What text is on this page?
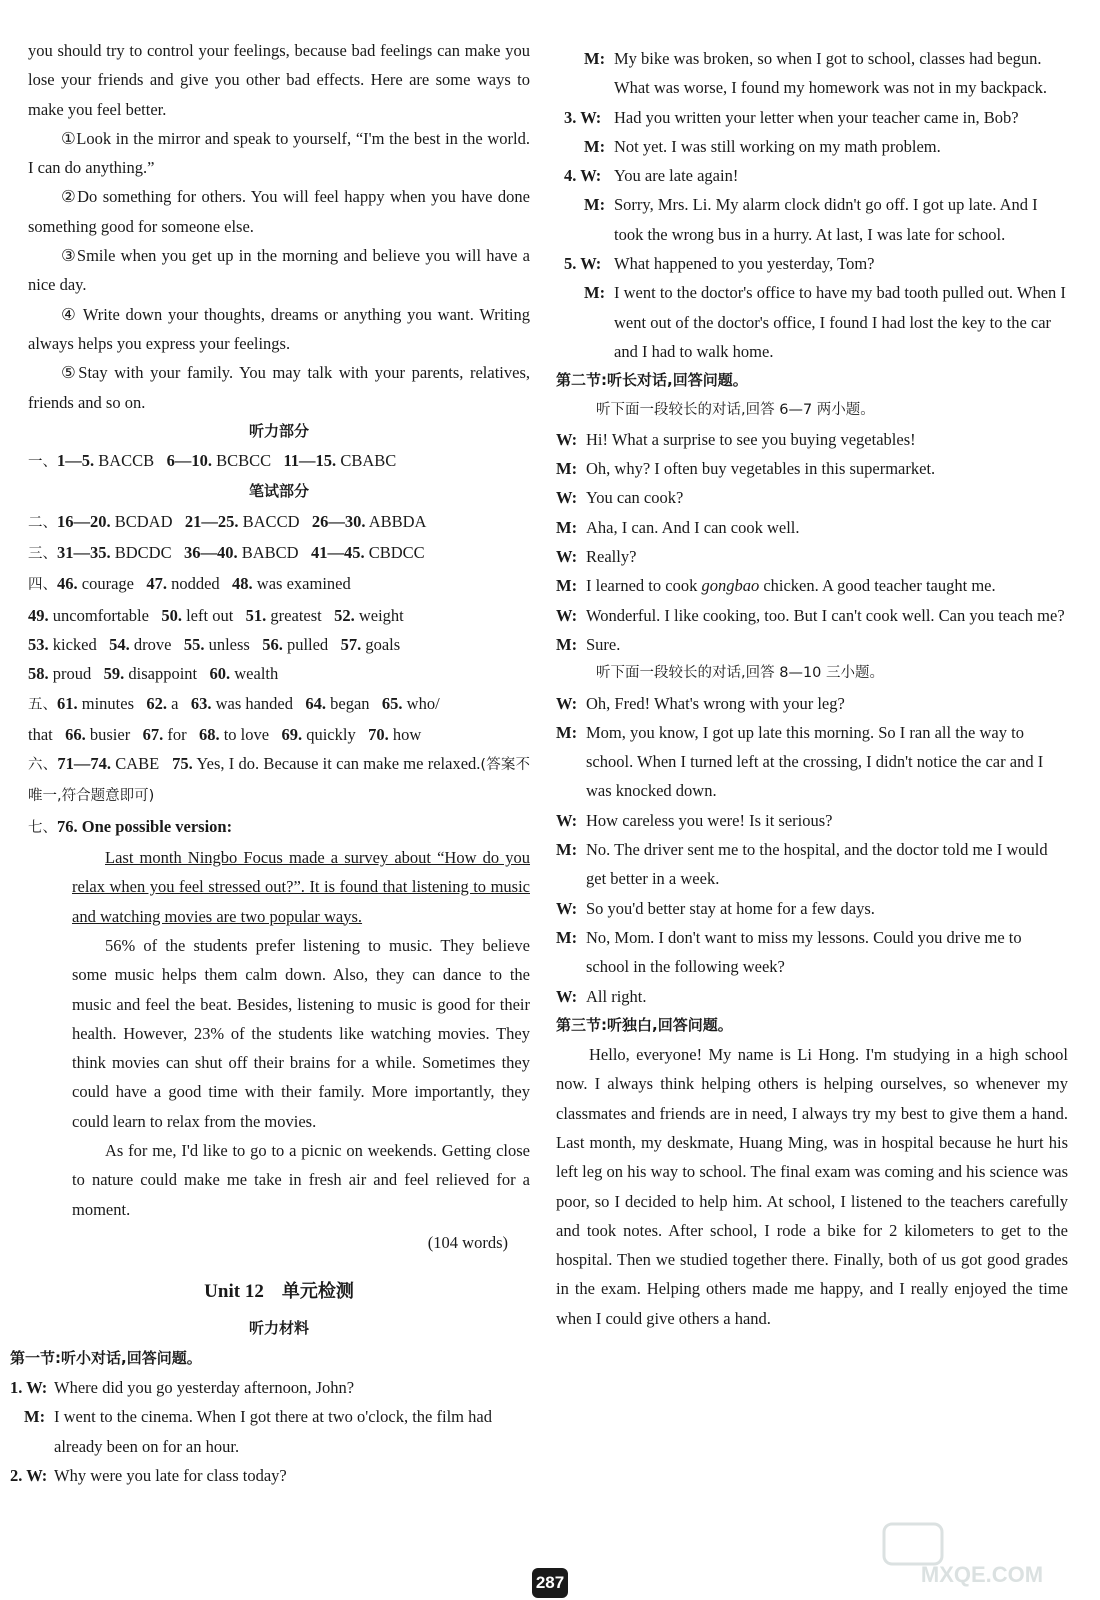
you should try to control your feelings, because bad feelings can make you lose your friends and give you other bad effects. Here are some ways to make you feel better.

①Look in the mirror and speak to yourself, “I'm the best in the world. I can do anything.”

②Do something for others. You will feel happy when you have done something good for someone else.

③Smile when you get up in the morning and believe you will have a nice day.

④ Write down your thoughts, dreams or anything you want. Writing always helps you express your feelings.

⑤Stay with your family. You may talk with your parents, relatives, friends and so on.

听力部分

一、1—5. BACCB 6—10. BCBCC 11—15. CBABC

笔试部分

二、16—20. BCDAD 21—25. BACCD 26—30. ABBDA

三、31—35. BDCDC 36—40. BABCD 41—45. CBDCC

四、46. courage 47. nodded 48. was examined

49. uncomfortable 50. left out 51. greatest 52. weight

53. kicked 54. drove 55. unless 56. pulled 57. goals

58. proud 59. disappoint 60. wealth

五、61. minutes 62. a 63. was handed 64. began 65. who/

that 66. busier 67. for 68. to love 69. quickly 70. how

六、71—74. CABE 75. Yes, I do. Because it can make me relaxed.(答案不唯一,符合题意即可)

七、76. One possible version:

Last month Ningbo Focus made a survey about “How do you relax when you feel stressed out?”. It is found that listening to music and watching movies are two popular ways.

56% of the students prefer listening to music. They believe some music helps them calm down. Also, they can dance to the music and feel the beat. Besides, listening to music is good for their health. However, 23% of the students like watching movies. They think movies can shut off their brains for a while. Sometimes they could have a good time with their family. More importantly, they could learn to relax from the movies.

As for me, I'd like to go to a picnic on weekends. Getting close to nature could make me take in fresh air and feel relieved for a moment.

(104 words)

Unit 12 单元检测

听力材料

第一节:听小对话,回答问题。

1. W: Where did you go yesterday afternoon, John?
M: I went to the cinema. When I got there at two o'clock, the film had already been on for an hour.
2. W: Why were you late for class today?
M: My bike was broken, so when I got to school, classes had begun. What was worse, I found my homework was not in my backpack.
3. W: Had you written your letter when your teacher came in, Bob?
M: Not yet. I was still working on my math problem.
4. W: You are late again!
M: Sorry, Mrs. Li. My alarm clock didn't go off. I got up late. And I took the wrong bus in a hurry. At last, I was late for school.
5. W: What happened to you yesterday, Tom?
M: I went to the doctor's office to have my bad tooth pulled out. When I went out of the doctor's office, I found I had lost the key to the car and I had to walk home.

第二节:听长对话,回答问题。

听下面一段较长的对话,回答 6—7 两小题。

W: Hi! What a surprise to see you buying vegetables!
M: Oh, why? I often buy vegetables in this supermarket.
W: You can cook?
M: Aha, I can. And I can cook well.
W: Really?
M: I learned to cook gongbao chicken. A good teacher taught me.
W: Wonderful. I like cooking, too. But I can't cook well. Can you teach me?
M: Sure.

听下面一段较长的对话,回答 8—10 三小题。

W: Oh, Fred! What's wrong with your leg?
M: Mom, you know, I got up late this morning. So I ran all the way to school. When I turned left at the crossing, I didn't notice the car and I was knocked down.
W: How careless you were! Is it serious?
M: No. The driver sent me to the hospital, and the doctor told me I would get better in a week.
W: So you'd better stay at home for a few days.
M: No, Mom. I don't want to miss my lessons. Could you drive me to school in the following week?
W: All right.

第三节:听独白,回答问题。

Hello, everyone! My name is Li Hong. I'm studying in a high school now. I always think helping others is helping ourselves, so whenever my classmates and friends are in need, I always try my best to give them a hand. Last month, my deskmate, Huang Ming, was in hospital because he hurt his left leg on his way to school. The final exam was coming and his science was poor, so I decided to help him. At school, I listened to the teachers carefully and took notes. After school, I rode a bike for 2 kilometers to get to the hospital. Then we studied together there. Finally, both of us got good grades in the exam. Helping others made me happy, and I really enjoyed the time when I could give others a hand.

287	MXQE.COM
